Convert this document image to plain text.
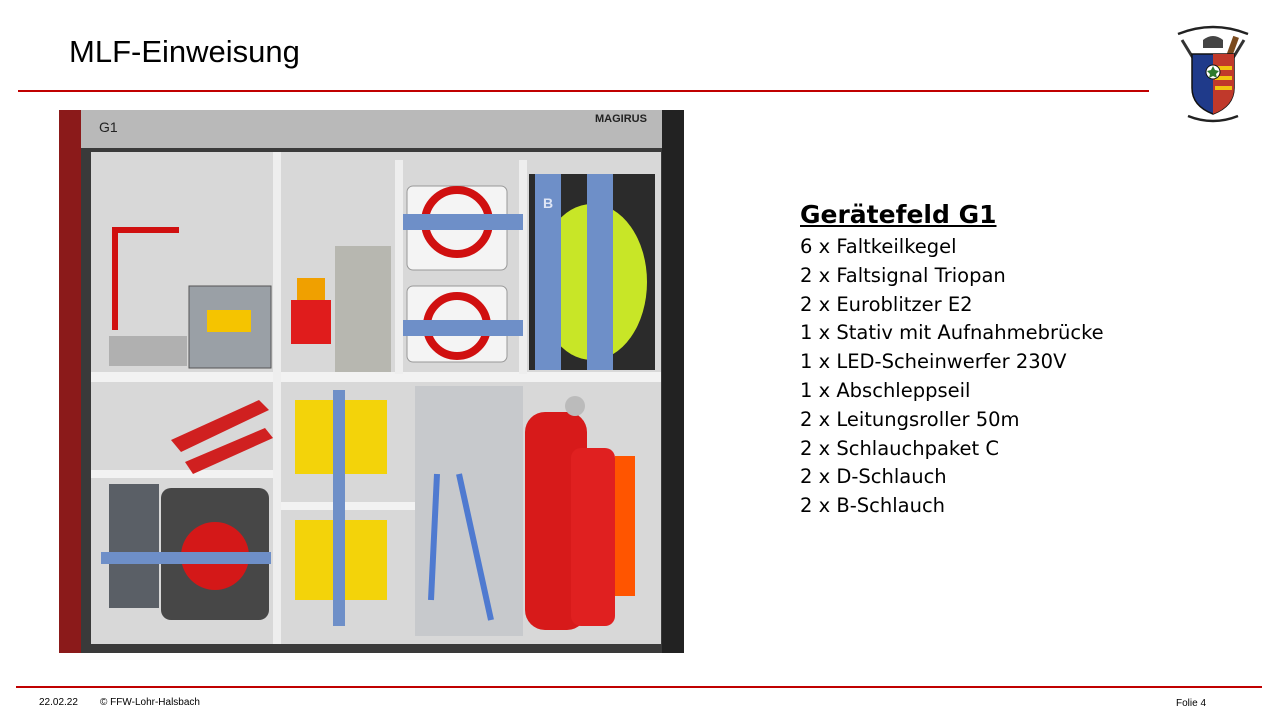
MLF-Einweisung
G1	MAGIRUS
B	Gerätefeld G1
6 x Faltkeilkegel
2 x Faltsignal Triopan
2 x Euroblitzer E2
1 x Stativ mit Aufnahmebrücke
1 x LED-Scheinwerfer 230V
1 x Abschleppseil
2 x Leitungsroller 50m
2 x Schlauchpaket C
2 x D-Schlauch
2 x B-Schlauch
22.02.22 © FFW-Lohr-Halsbach	Folie 4
